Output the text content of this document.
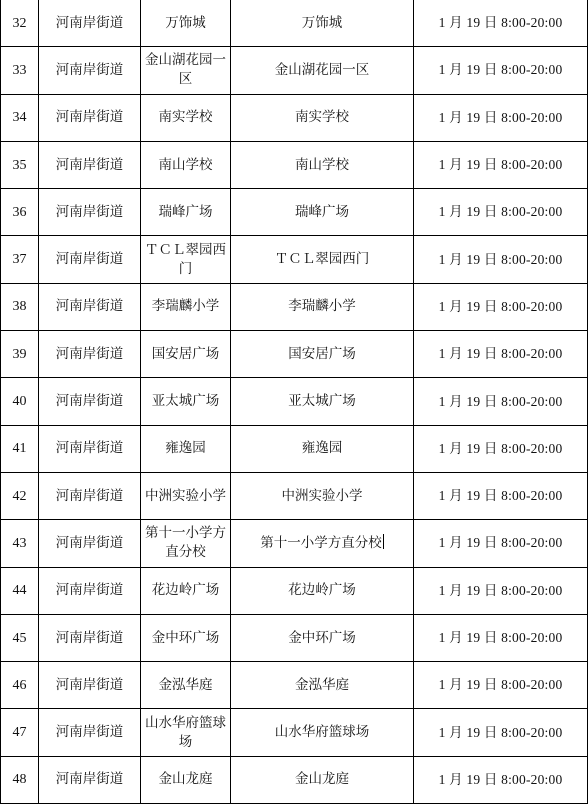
32	河南岸街道	万饰城	万饰城	1 月 19 日 8:00-20:00
33	河南岸街道	金山湖花园一区	金山湖花园一区	1 月 19 日 8:00-20:00
34	河南岸街道	南实学校	南实学校	1 月 19 日 8:00-20:00
35	河南岸街道	南山学校	南山学校	1 月 19 日 8:00-20:00
36	河南岸街道	瑞峰广场	瑞峰广场	1 月 19 日 8:00-20:00
37	河南岸街道	ＴＣＬ翠园西门	ＴＣＬ翠园西门	1 月 19 日 8:00-20:00
38	河南岸街道	李瑞麟小学	李瑞麟小学	1 月 19 日 8:00-20:00
39	河南岸街道	国安居广场	国安居广场	1 月 19 日 8:00-20:00
40	河南岸街道	亚太城广场	亚太城广场	1 月 19 日 8:00-20:00
41	河南岸街道	雍逸园	雍逸园	1 月 19 日 8:00-20:00
42	河南岸街道	中洲实验小学	中洲实验小学	1 月 19 日 8:00-20:00
43	河南岸街道	第十一小学方直分校	第十一小学方直分校	1 月 19 日 8:00-20:00
44	河南岸街道	花边岭广场	花边岭广场	1 月 19 日 8:00-20:00
45	河南岸街道	金中环广场	金中环广场	1 月 19 日 8:00-20:00
46	河南岸街道	金泓华庭	金泓华庭	1 月 19 日 8:00-20:00
47	河南岸街道	山水华府篮球场	山水华府篮球场	1 月 19 日 8:00-20:00
48	河南岸街道	金山龙庭	金山龙庭	1 月 19 日 8:00-20:00
